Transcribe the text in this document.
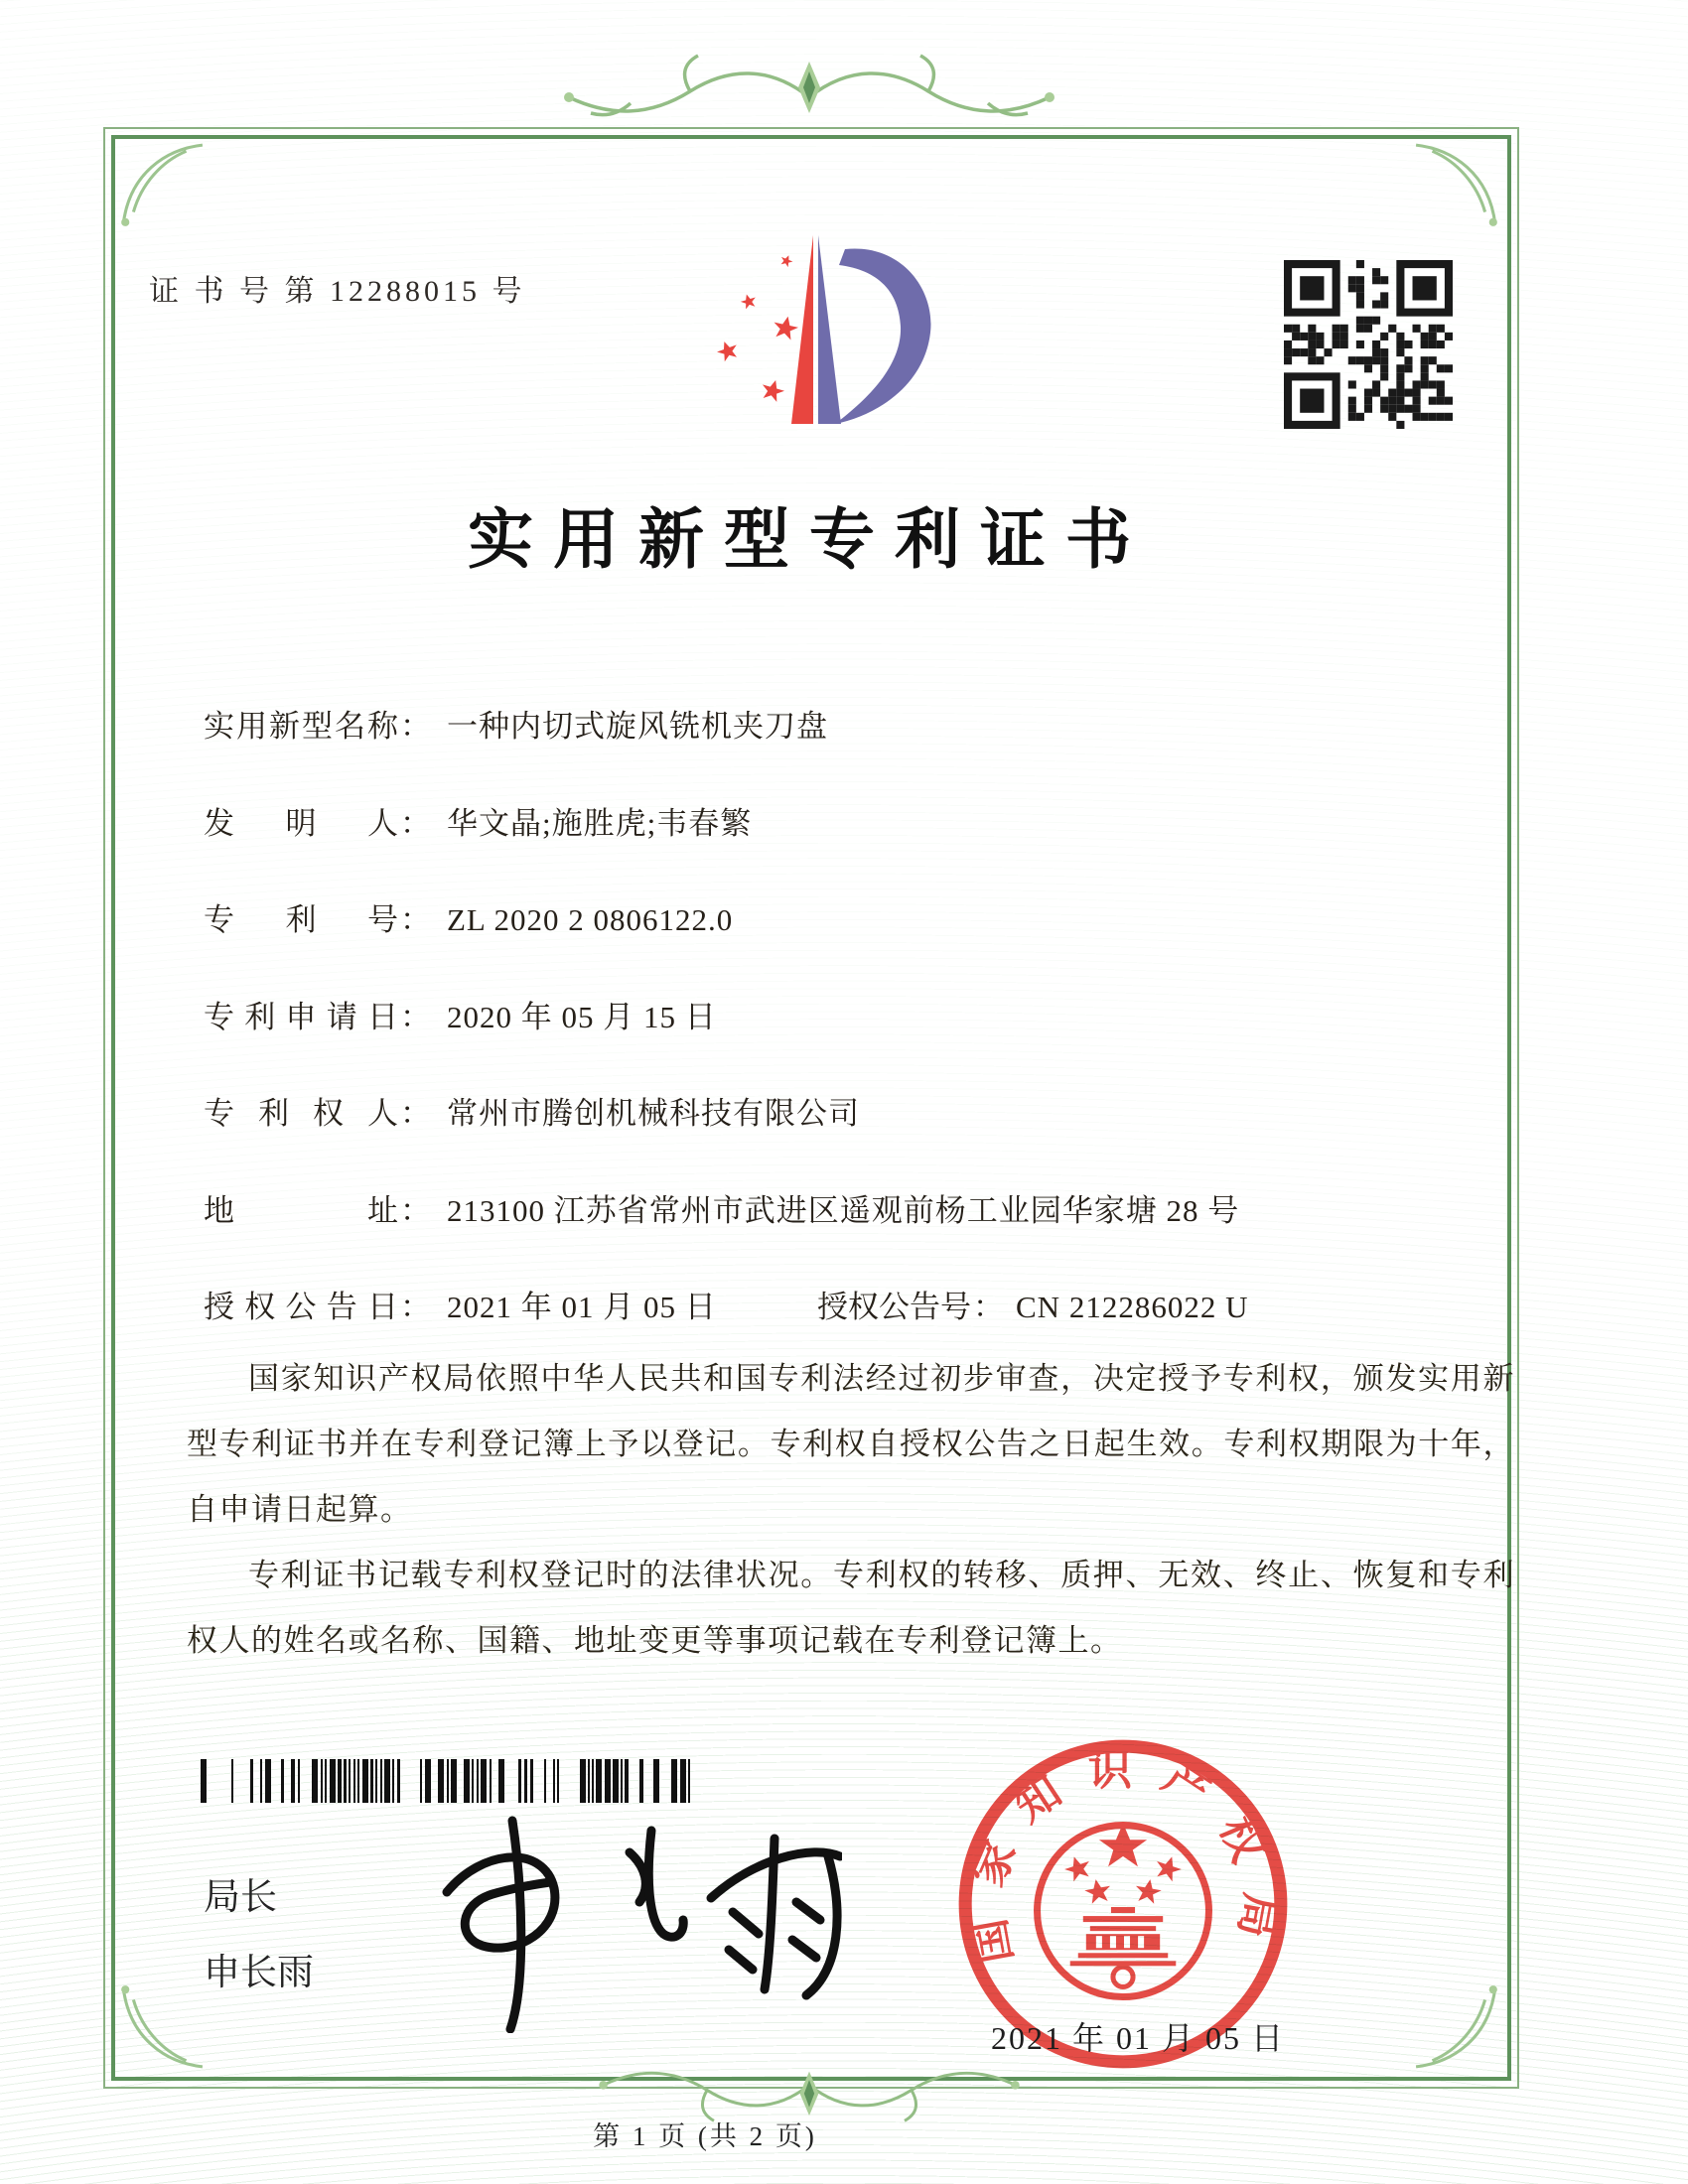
证 书 号 第 12288015 号
实用新型专利证书
实用新型名称： 一种内切式旋风铣机夹刀盘
发明人： 华文晶;施胜虎;韦春繁
专利号： ZL 2020 2 0806122.0
专利申请日： 2020 年 05 月 15 日
专利权人： 常州市腾创机械科技有限公司
地址： 213100 江苏省常州市武进区遥观前杨工业园华家塘 28 号
授权公告日： 2021 年 01 月 05 日	授权公告号： CN 212286022 U

国家知识产权局依照中华人民共和国专利法经过初步审查，决定授予专利权，颁发实用新型专利证书并在专利登记簿上予以登记。专利权自授权公告之日起生效。专利权期限为十年，自申请日起算。

专利证书记载专利权登记时的法律状况。专利权的转移、质押、无效、终止、恢复和专利权人的姓名或名称、国籍、地址变更等事项记载在专利登记簿上。

局长
申长雨
国家知识产权局
2021 年 01 月 05 日
第 1 页 (共 2 页)
